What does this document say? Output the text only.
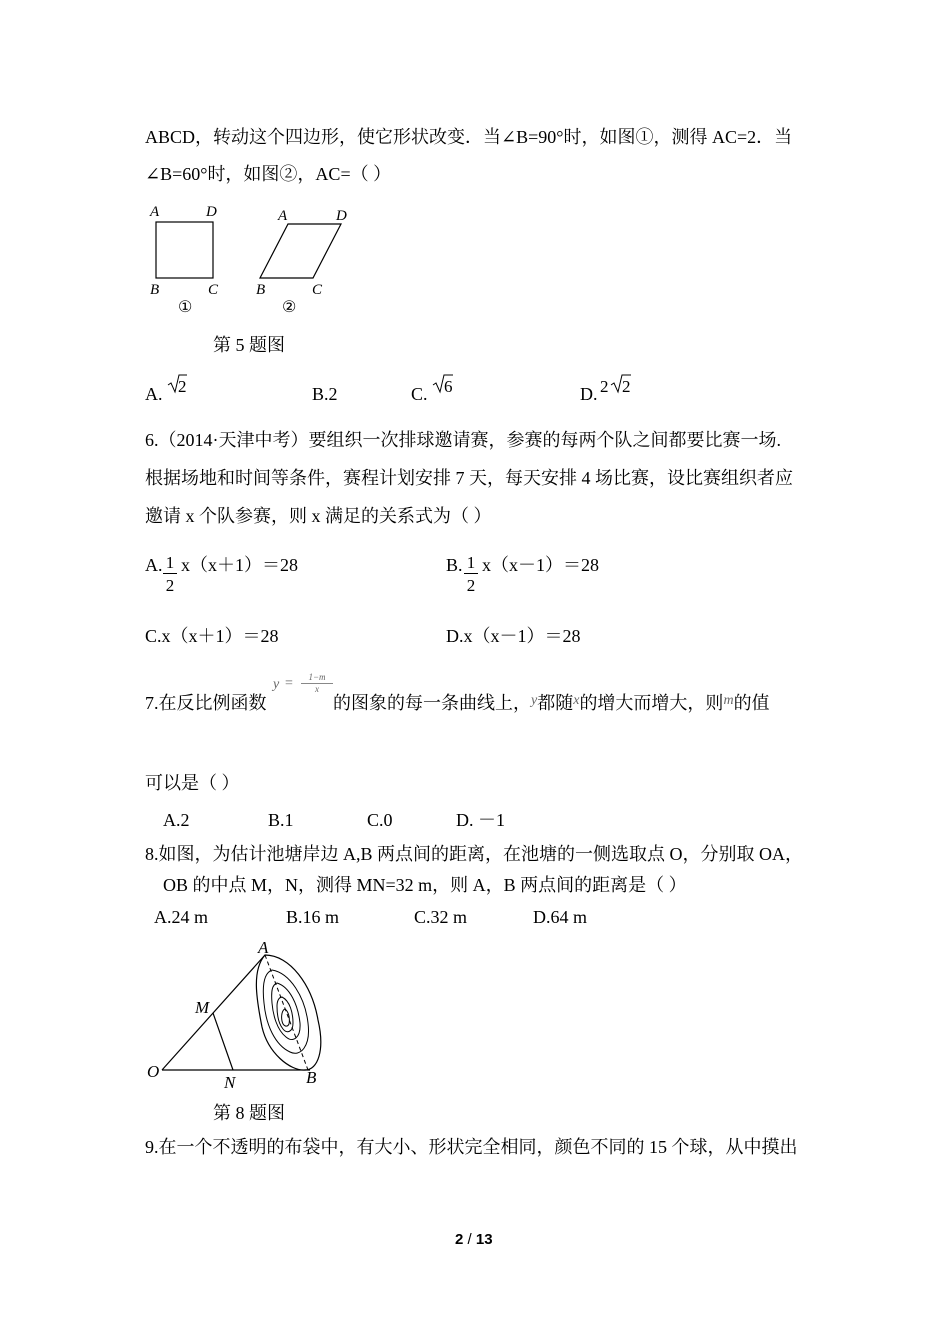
ABCD，转动这个四边形，使它形状改变．当∠B=90°时，如图①，测得 AC=2．当
∠B=60°时，如图②，AC=（ ）
A	D
B	C
①
A	D
B	C
②
第 5 题图
A. 2	B.2	C. 6	D. 2 2
6.（2014·天津中考）要组织一次排球邀请赛，参赛的每两个队之间都要比赛一场.
根据场地和时间等条件，赛程计划安排 7 天，每天安排 4 场比赛，设比赛组织者应
邀请 x 个队参赛，则 x 满足的关系式为（ ）
A. 1
2
x（x＋1）＝28	B. 1
2
x（x－1）＝28
C.x（x＋1）＝28	D.x（x－1）＝28
7.在反比例函数
y =	1−m
x
的图象的每一条曲线上，$^y$都随$^x$的增大而增大，则$^m$的值
可以是（ ）
A.2	B.1	C.0	D. －1
8.如图，为估计池塘岸边 A,B 两点间的距离，在池塘的一侧选取点 O，分别取 OA，
OB 的中点 M，N，测得 MN=32 m，则 A，B 两点间的距离是（ ）
A.24 m	B.16 m	C.32 m	D.64 m
A
M
O
N	B
第 8 题图
9.在一个不透明的布袋中，有大小、形状完全相同，颜色不同的 15 个球，从中摸出
2 / 13
